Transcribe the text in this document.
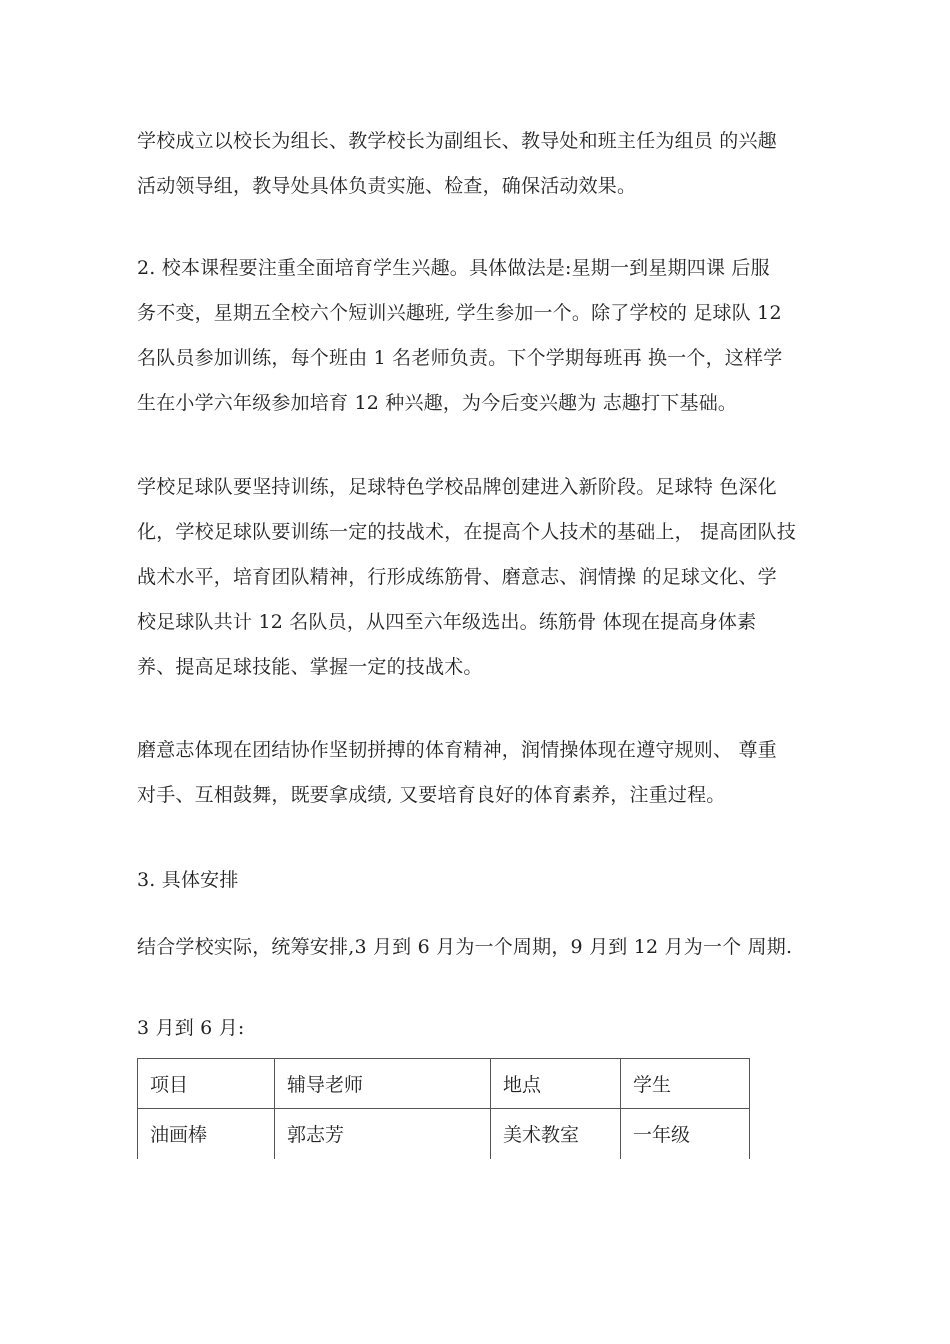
学校成立以校长为组长、教学校长为副组长、教导处和班主任为组员 的兴趣
活动领导组，教导处具体负责实施、检查，确保活动效果。

2. 校本课程要注重全面培育学生兴趣。具体做法是:星期一到星期四课 后服
务不变，星期五全校六个短训兴趣班, 学生参加一个。除了学校的 足球队 12
名队员参加训练，每个班由 1 名老师负责。下个学期每班再 换一个，这样学
生在小学六年级参加培育 12 种兴趣，为今后变兴趣为 志趣打下基础。

学校足球队要坚持训练，足球特色学校品牌创建进入新阶段。足球特 色深化
化，学校足球队要训练一定的技战术，在提高个人技术的基础上， 提高团队技
战术水平，培育团队精神，行形成练筋骨、磨意志、润情操 的足球文化、学
校足球队共计 12 名队员，从四至六年级选出。练筋骨 体现在提高身体素
养、提高足球技能、掌握一定的技战术。

磨意志体现在团结协作坚韧拼搏的体育精神，润情操体现在遵守规则、 尊重
对手、互相鼓舞，既要拿成绩, 又要培育良好的体育素养，注重过程。

3. 具体安排

结合学校实际，统筹安排,3 月到 6 月为一个周期，9 月到 12 月为一个 周期.

3 月到 6 月:

项目	辅导老师	地点	学生
油画棒	郭志芳	美术教室	一年级
